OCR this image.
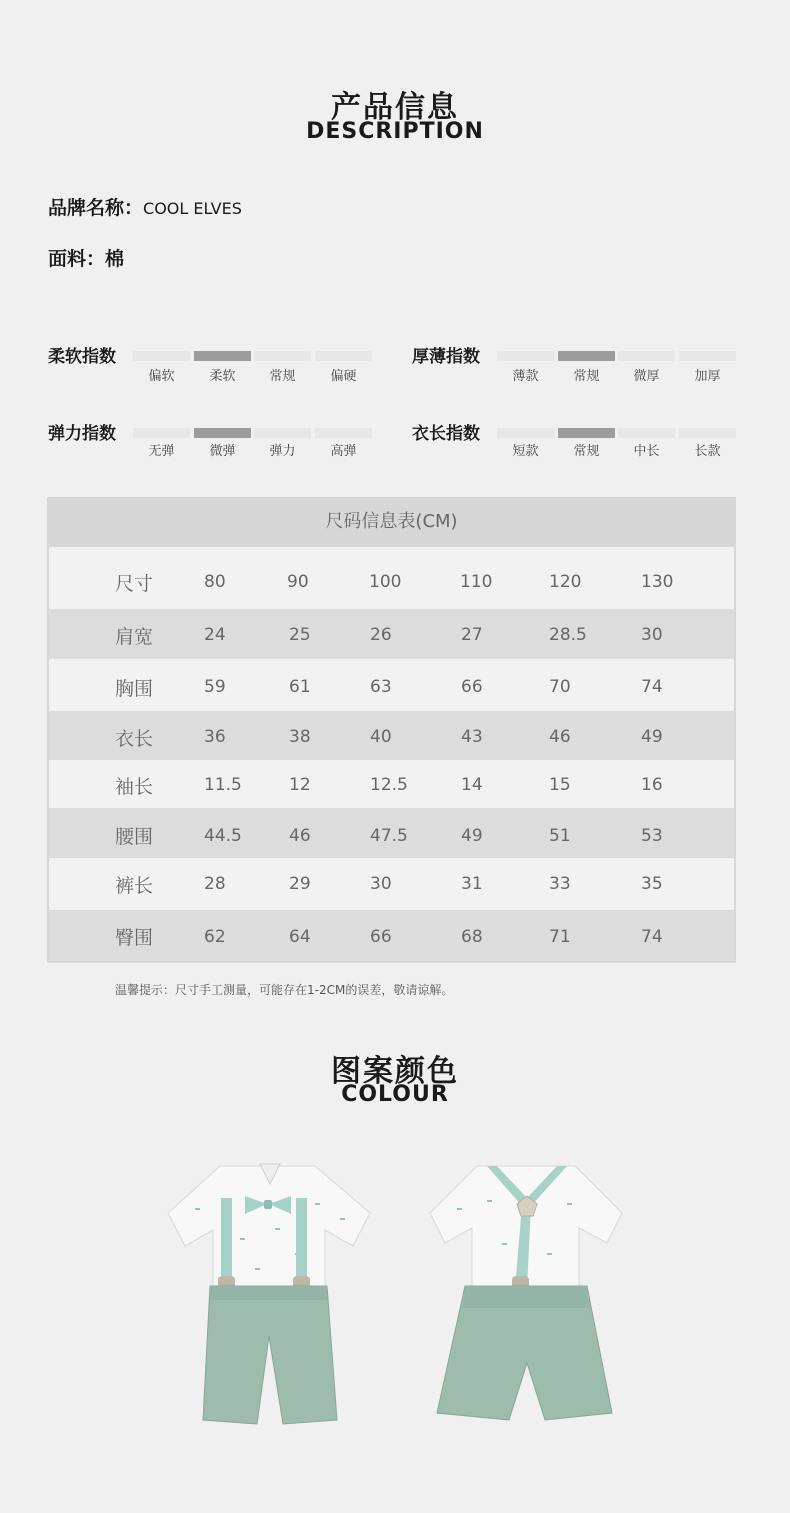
产品信息
DESCRIPTION
品牌名称：COOL ELVES
面料：棉
柔软指数
偏软	柔软	常规	偏硬
厚薄指数
薄款	常规	微厚	加厚
弹力指数
无弹	微弹	弹力	高弹
衣长指数
短款	常规	中长	长款
尺码信息表(CM)
尺寸	80	90	100	110	120	130
肩宽	24	25	26	27	28.5	30
胸围	59	61	63	66	70	74
衣长	36	38	40	43	46	49
袖长	11.5	12	12.5	14	15	16
腰围	44.5	46	47.5	49	51	53
裤长	28	29	30	31	33	35
臀围	62	64	66	68	71	74
温馨提示：尺寸手工测量，可能存在1-2CM的误差，敬请谅解。
图案颜色
COLOUR
